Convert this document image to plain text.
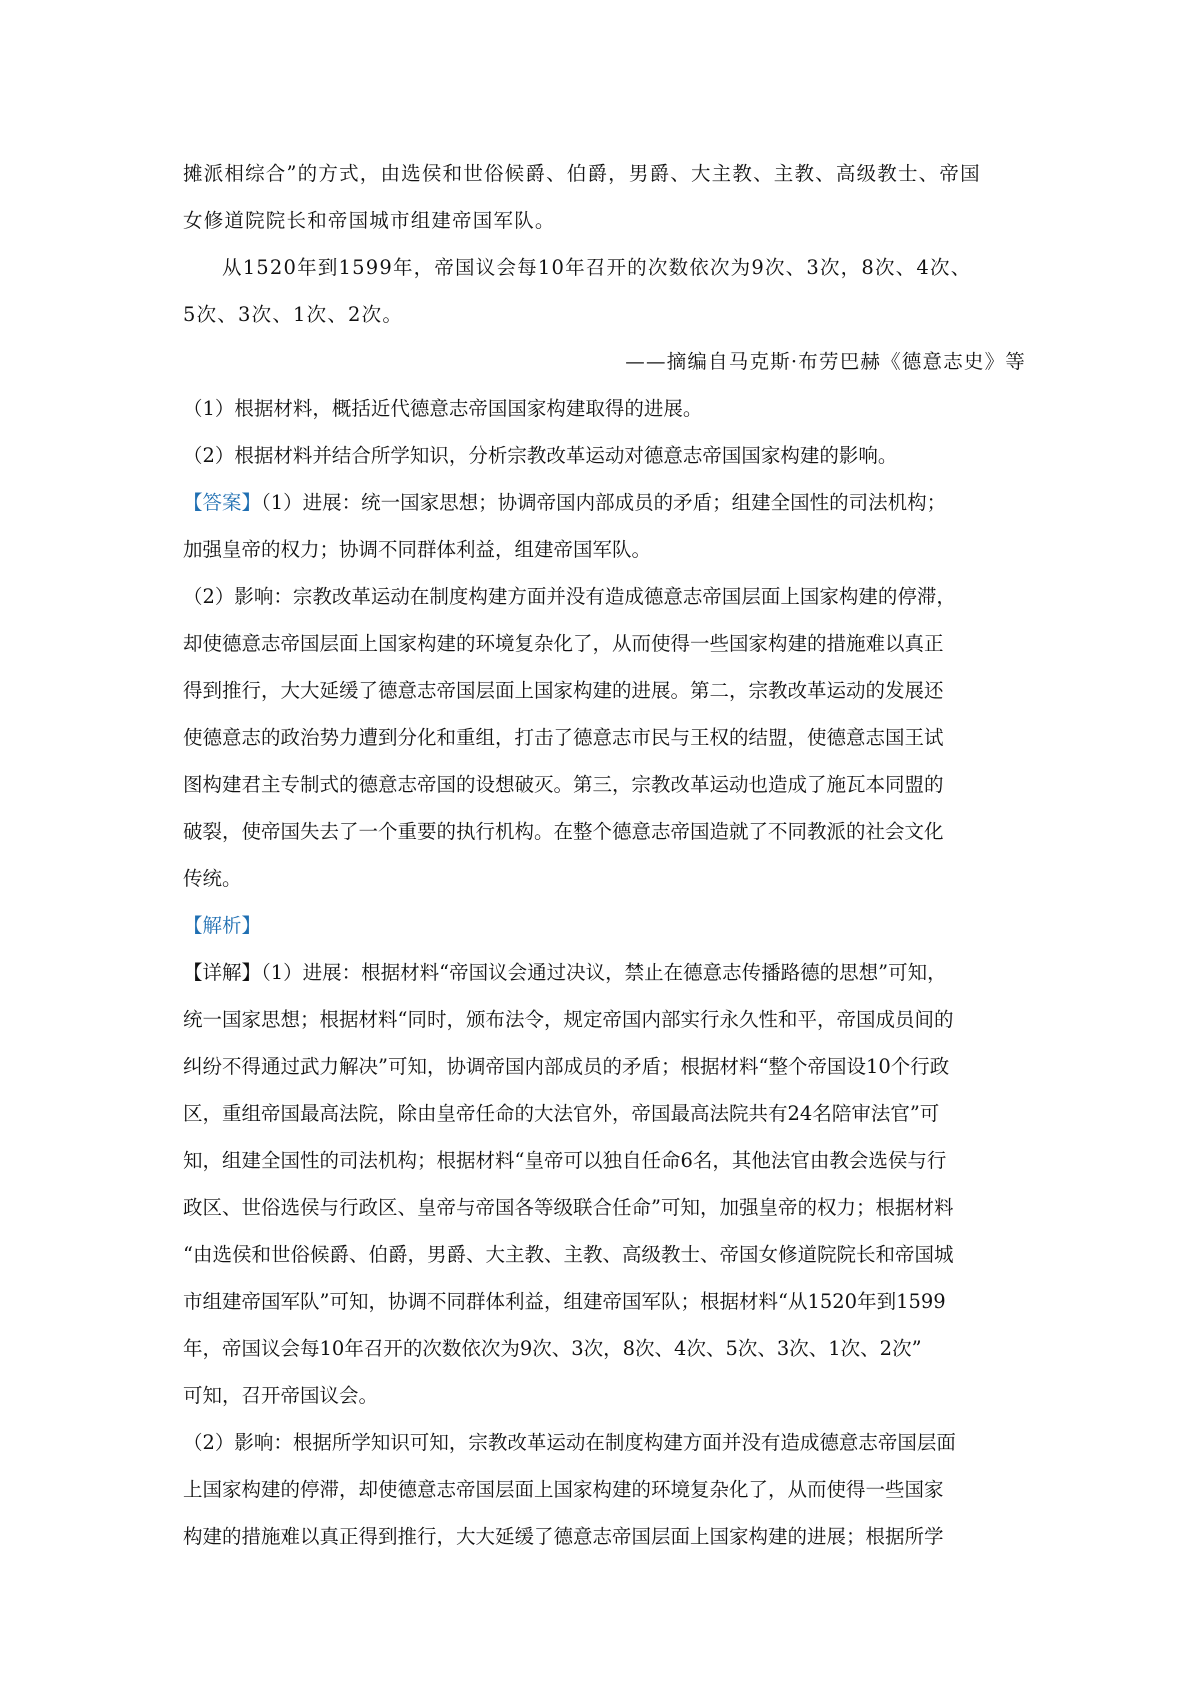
摊派相综合”的方式，由选侯和世俗候爵、伯爵，男爵、大主教、主教、高级教士、帝国
女修道院院长和帝国城市组建帝国军队。
从1520年到1599年，帝国议会每10年召开的次数依次为9次、3次，8次、4次、
5次、3次、1次、2次。
——摘编自马克斯·布劳巴赫《德意志史》等
（1）根据材料，概括近代德意志帝国国家构建取得的进展。
（2）根据材料并结合所学知识，分析宗教改革运动对德意志帝国国家构建的影响。
【答案】（1）进展：统一国家思想；协调帝国内部成员的矛盾；组建全国性的司法机构；
加强皇帝的权力；协调不同群体利益，组建帝国军队。
（2）影响：宗教改革运动在制度构建方面并没有造成德意志帝国层面上国家构建的停滞，
却使德意志帝国层面上国家构建的环境复杂化了，从而使得一些国家构建的措施难以真正
得到推行，大大延缓了德意志帝国层面上国家构建的进展。第二，宗教改革运动的发展还
使德意志的政治势力遭到分化和重组，打击了德意志市民与王权的结盟，使德意志国王试
图构建君主专制式的德意志帝国的设想破灭。第三，宗教改革运动也造成了施瓦本同盟的
破裂，使帝国失去了一个重要的执行机构。在整个德意志帝国造就了不同教派的社会文化
传统。
【解析】
【详解】（1）进展：根据材料“帝国议会通过决议，禁止在德意志传播路德的思想”可知，
统一国家思想；根据材料“同时，颁布法令，规定帝国内部实行永久性和平，帝国成员间的
纠纷不得通过武力解决”可知，协调帝国内部成员的矛盾；根据材料“整个帝国设10个行政
区，重组帝国最高法院，除由皇帝任命的大法官外，帝国最高法院共有24名陪审法官”可
知，组建全国性的司法机构；根据材料“皇帝可以独自任命6名，其他法官由教会选侯与行
政区、世俗选侯与行政区、皇帝与帝国各等级联合任命”可知，加强皇帝的权力；根据材料
“由选侯和世俗候爵、伯爵，男爵、大主教、主教、高级教士、帝国女修道院院长和帝国城
市组建帝国军队”可知，协调不同群体利益，组建帝国军队；根据材料“从1520年到1599
年，帝国议会每10年召开的次数依次为9次、3次，8次、4次、5次、3次、1次、2次”
可知，召开帝国议会。
（2）影响：根据所学知识可知，宗教改革运动在制度构建方面并没有造成德意志帝国层面
上国家构建的停滞，却使德意志帝国层面上国家构建的环境复杂化了，从而使得一些国家
构建的措施难以真正得到推行，大大延缓了德意志帝国层面上国家构建的进展；根据所学
